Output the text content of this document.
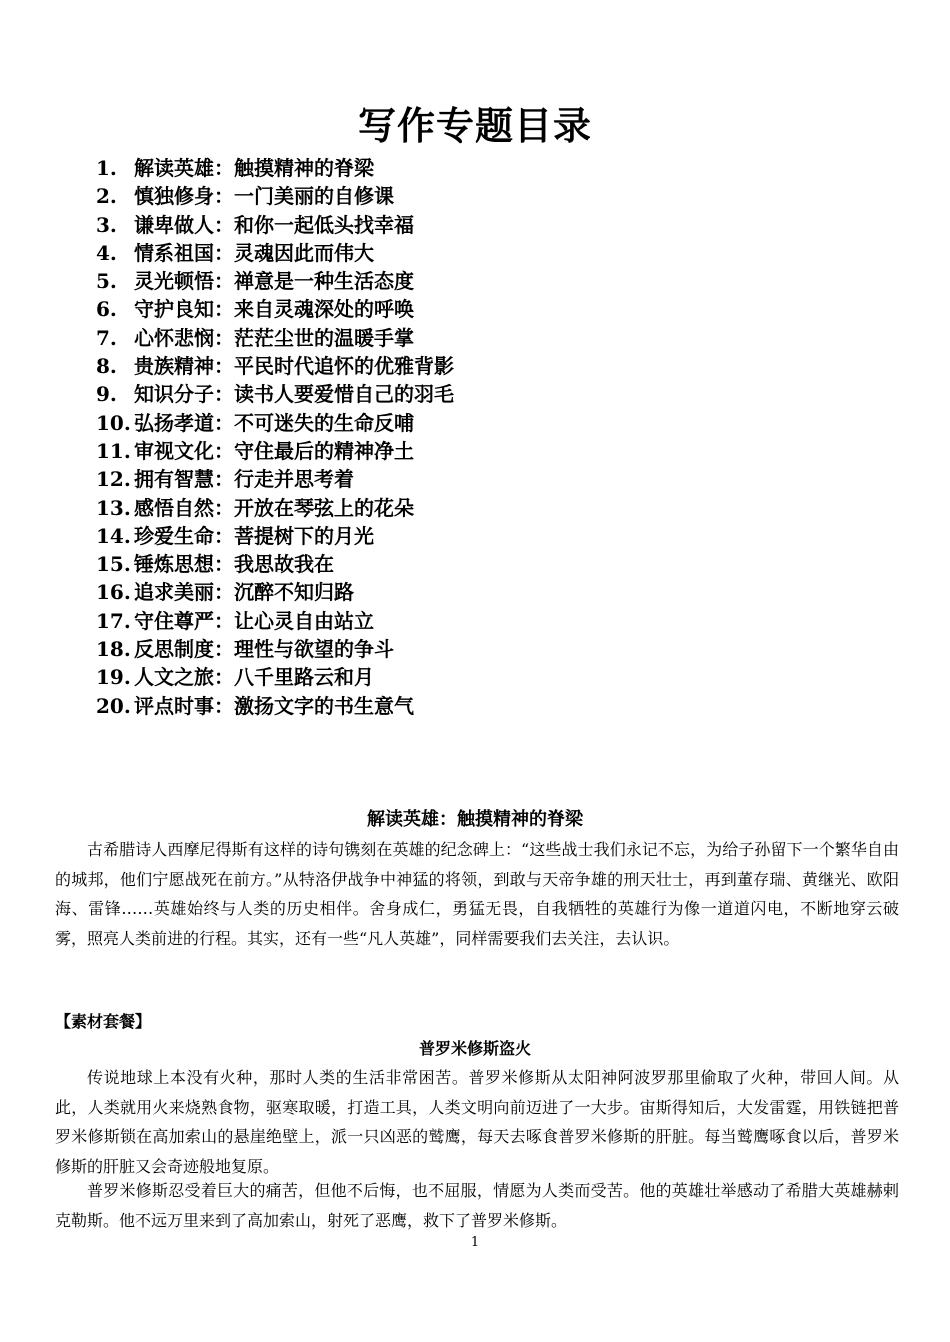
写作专题目录
1. 解读英雄：触摸精神的脊梁
2. 慎独修身：一门美丽的自修课
3. 谦卑做人：和你一起低头找幸福
4. 情系祖国：灵魂因此而伟大
5. 灵光顿悟：禅意是一种生活态度
6. 守护良知：来自灵魂深处的呼唤
7. 心怀悲悯：茫茫尘世的温暖手掌
8. 贵族精神：平民时代追怀的优雅背影
9. 知识分子：读书人要爱惜自己的羽毛
10. 弘扬孝道：不可迷失的生命反哺
11. 审视文化：守住最后的精神净土
12. 拥有智慧：行走并思考着
13. 感悟自然：开放在琴弦上的花朵
14. 珍爱生命：菩提树下的月光
15. 锤炼思想：我思故我在
16. 追求美丽：沉醉不知归路
17. 守住尊严：让心灵自由站立
18. 反思制度：理性与欲望的争斗
19. 人文之旅：八千里路云和月
20. 评点时事：激扬文字的书生意气
解读英雄：触摸精神的脊梁

古希腊诗人西摩尼得斯有这样的诗句镌刻在英雄的纪念碑上：“这些战士我们永记不忘，为给子孙留下一个繁华自由的城邦，他们宁愿战死在前方。”从特洛伊战争中神猛的将领，到敢与天帝争雄的刑天壮士，再到董存瑞、黄继光、欧阳海、雷锋……英雄始终与人类的历史相伴。舍身成仁，勇猛无畏，自我牺牲的英雄行为像一道道闪电，不断地穿云破雾，照亮人类前进的行程。其实，还有一些“凡人英雄”，同样需要我们去关注，去认识。

【素材套餐】
普罗米修斯盗火

传说地球上本没有火种，那时人类的生活非常困苦。普罗米修斯从太阳神阿波罗那里偷取了火种，带回人间。从此，人类就用火来烧熟食物，驱寒取暖，打造工具，人类文明向前迈进了一大步。宙斯得知后，大发雷霆，用铁链把普罗米修斯锁在高加索山的悬崖绝壁上，派一只凶恶的鹫鹰，每天去啄食普罗米修斯的肝脏。每当鹫鹰啄食以后，普罗米修斯的肝脏又会奇迹般地复原。

普罗米修斯忍受着巨大的痛苦，但他不后悔，也不屈服，情愿为人类而受苦。他的英雄壮举感动了希腊大英雄赫剌克勒斯。他不远万里来到了高加索山，射死了恶鹰，救下了普罗米修斯。

1
